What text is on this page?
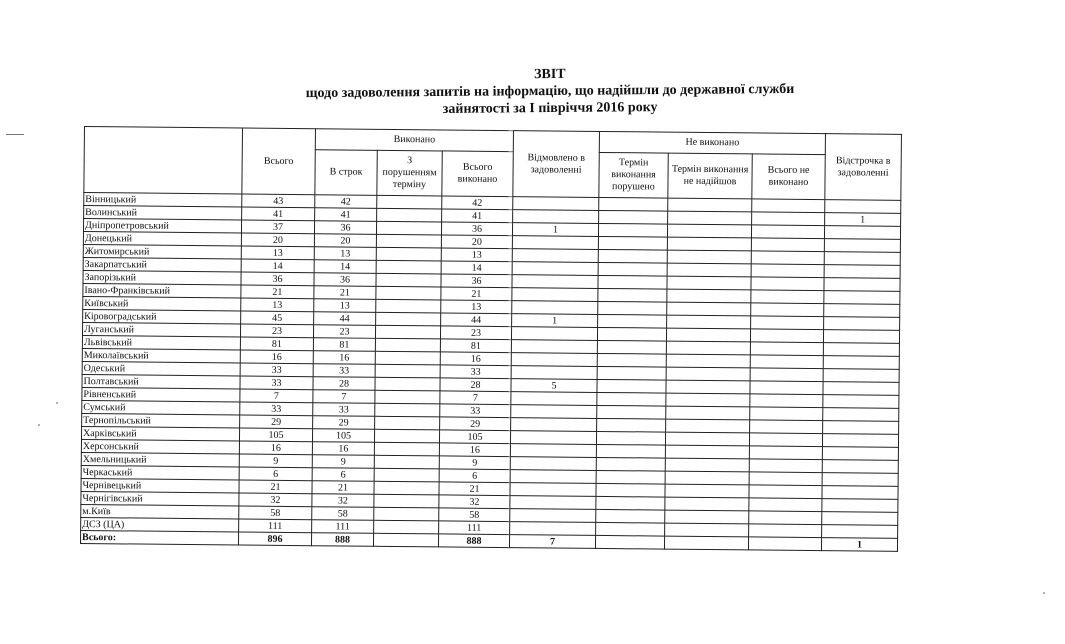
ЗВІТ
щодо задоволення запитів на інформацію, що надійшли до державної служби
зайнятості за І півріччя 2016 року
	Всього	Виконано			Відмовлено в задоволенні	Не виконано			Відстрочка в задоволенні
		В строк	З порушенням терміну	Всього виконано		Термін виконання порушено	Термін виконання не надійшов	Всього не виконано	
Вінницький	43	42		42					
Волинський	41	41		41					1
Дніпропетровський	37	36		36	1				
Донецький	20	20		20					
Житомирський	13	13		13					
Закарпатський	14	14		14					
Запорізький	36	36		36					
Івано-Франківський	21	21		21					
Київський	13	13		13					
Кіровоградський	45	44		44	1				
Луганський	23	23		23					
Львівський	81	81		81					
Миколаївський	16	16		16					
Одеський	33	33		33					
Полтавський	33	28		28	5				
Рівненський	7	7		7					
Сумський	33	33		33					
Тернопільський	29	29		29					
Харківський	105	105		105					
Херсонський	16	16		16					
Хмельницький	9	9		9					
Черкаський	6	6		6					
Чернівецький	21	21		21					
Чернігівський	32	32		32					
м.Київ	58	58		58					
ДСЗ (ЦА)	111	111		111					
Всього:	896	888		888	7				1
